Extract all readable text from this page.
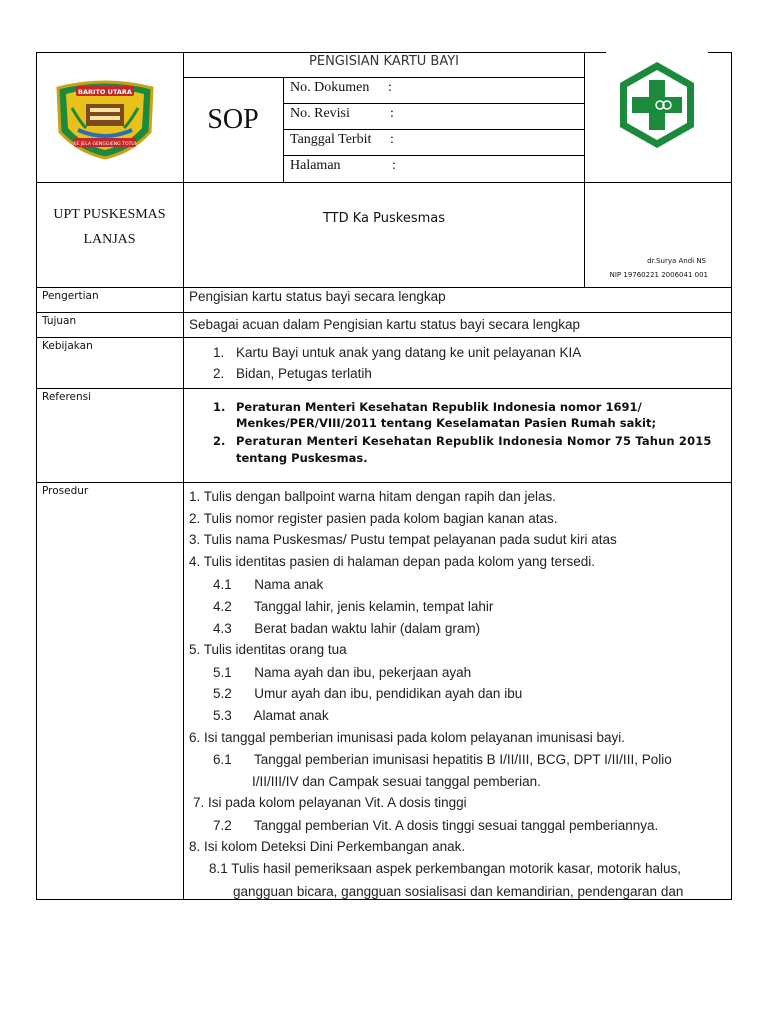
BARITO UTARA
IJE JELA GENGGIENG TOTUI
PENGISIAN KARTU BAYI
SOP
No. Dokumen :
No. Revisi	:
Tanggal Terbit :
Halaman	:
UPT PUSKESMAS
LANJAS
TTD Ka Puskesmas
dr.Surya Andi NS
NIP 19760221 2006041 001
Pengertian	Pengisian kartu status bayi secara lengkap
Tujuan	Sebagai acuan dalam Pengisian kartu status bayi secara lengkap
Kebijakan	1. Kartu Bayi untuk anak yang datang ke unit pelayanan KIA
2. Bidan, Petugas terlatih
Referensi
1. Peraturan Menteri Kesehatan Republik Indonesia nomor 1691/
Menkes/PER/VIII/2011 tentang Keselamatan Pasien Rumah sakit;
2. Peraturan Menteri Kesehatan Republik Indonesia Nomor 75 Tahun 2015
tentang Puskesmas.
Prosedur	1. Tulis dengan ballpoint warna hitam dengan rapih dan jelas.
2. Tulis nomor register pasien pada kolom bagian kanan atas.
3. Tulis nama Puskesmas/ Pustu tempat pelayanan pada sudut kiri atas
4. Tulis identitas pasien di halaman depan pada kolom yang tersedi.
4.1      Nama anak
4.2      Tanggal lahir, jenis kelamin, tempat lahir
4.3      Berat badan waktu lahir (dalam gram)
5. Tulis identitas orang tua
5.1      Nama ayah dan ibu, pekerjaan ayah
5.2      Umur ayah dan ibu, pendidikan ayah dan ibu
5.3      Alamat anak
6. Isi tanggal pemberian imunisasi pada kolom pelayanan imunisasi bayi.
6.1      Tanggal pemberian imunisasi hepatitis B I/II/III, BCG, DPT I/II/III, Polio
I/II/III/IV dan Campak sesuai tanggal pemberian.
7. Isi pada kolom pelayanan Vit. A dosis tinggi
7.2      Tanggal pemberian Vit. A dosis tinggi sesuai tanggal pemberiannya.
8. Isi kolom Deteksi Dini Perkembangan anak.
8.1 Tulis hasil pemeriksaan aspek perkembangan motorik kasar, motorik halus,
gangguan bicara, gangguan sosialisasi dan kemandirian, pendengaran dan
